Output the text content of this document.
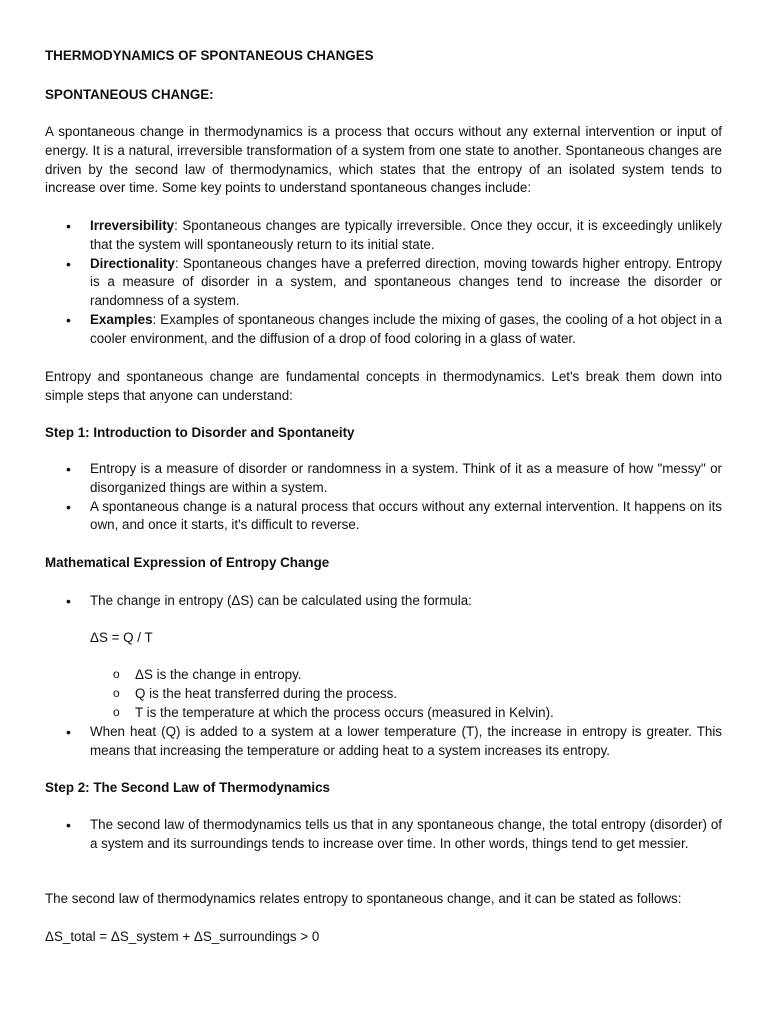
THERMODYNAMICS OF SPONTANEOUS CHANGES

SPONTANEOUS CHANGE:

A spontaneous change in thermodynamics is a process that occurs without any external intervention or input of energy. It is a natural, irreversible transformation of a system from one state to another. Spontaneous changes are driven by the second law of thermodynamics, which states that the entropy of an isolated system tends to increase over time. Some key points to understand spontaneous changes include:

• Irreversibility: Spontaneous changes are typically irreversible. Once they occur, it is exceedingly unlikely that the system will spontaneously return to its initial state.
• Directionality: Spontaneous changes have a preferred direction, moving towards higher entropy. Entropy is a measure of disorder in a system, and spontaneous changes tend to increase the disorder or randomness of a system.
• Examples: Examples of spontaneous changes include the mixing of gases, the cooling of a hot object in a cooler environment, and the diffusion of a drop of food coloring in a glass of water.

Entropy and spontaneous change are fundamental concepts in thermodynamics. Let's break them down into simple steps that anyone can understand:

Step 1: Introduction to Disorder and Spontaneity

• Entropy is a measure of disorder or randomness in a system. Think of it as a measure of how "messy" or disorganized things are within a system.
• A spontaneous change is a natural process that occurs without any external intervention. It happens on its own, and once it starts, it's difficult to reverse.

Mathematical Expression of Entropy Change

• The change in entropy (ΔS) can be calculated using the formula:

ΔS = Q / T

o ΔS is the change in entropy.
o Q is the heat transferred during the process.
o T is the temperature at which the process occurs (measured in Kelvin).
• When heat (Q) is added to a system at a lower temperature (T), the increase in entropy is greater. This means that increasing the temperature or adding heat to a system increases its entropy.

Step 2: The Second Law of Thermodynamics

• The second law of thermodynamics tells us that in any spontaneous change, the total entropy (disorder) of a system and its surroundings tends to increase over time. In other words, things tend to get messier.

The second law of thermodynamics relates entropy to spontaneous change, and it can be stated as follows:

ΔS_total = ΔS_system + ΔS_surroundings > 0
